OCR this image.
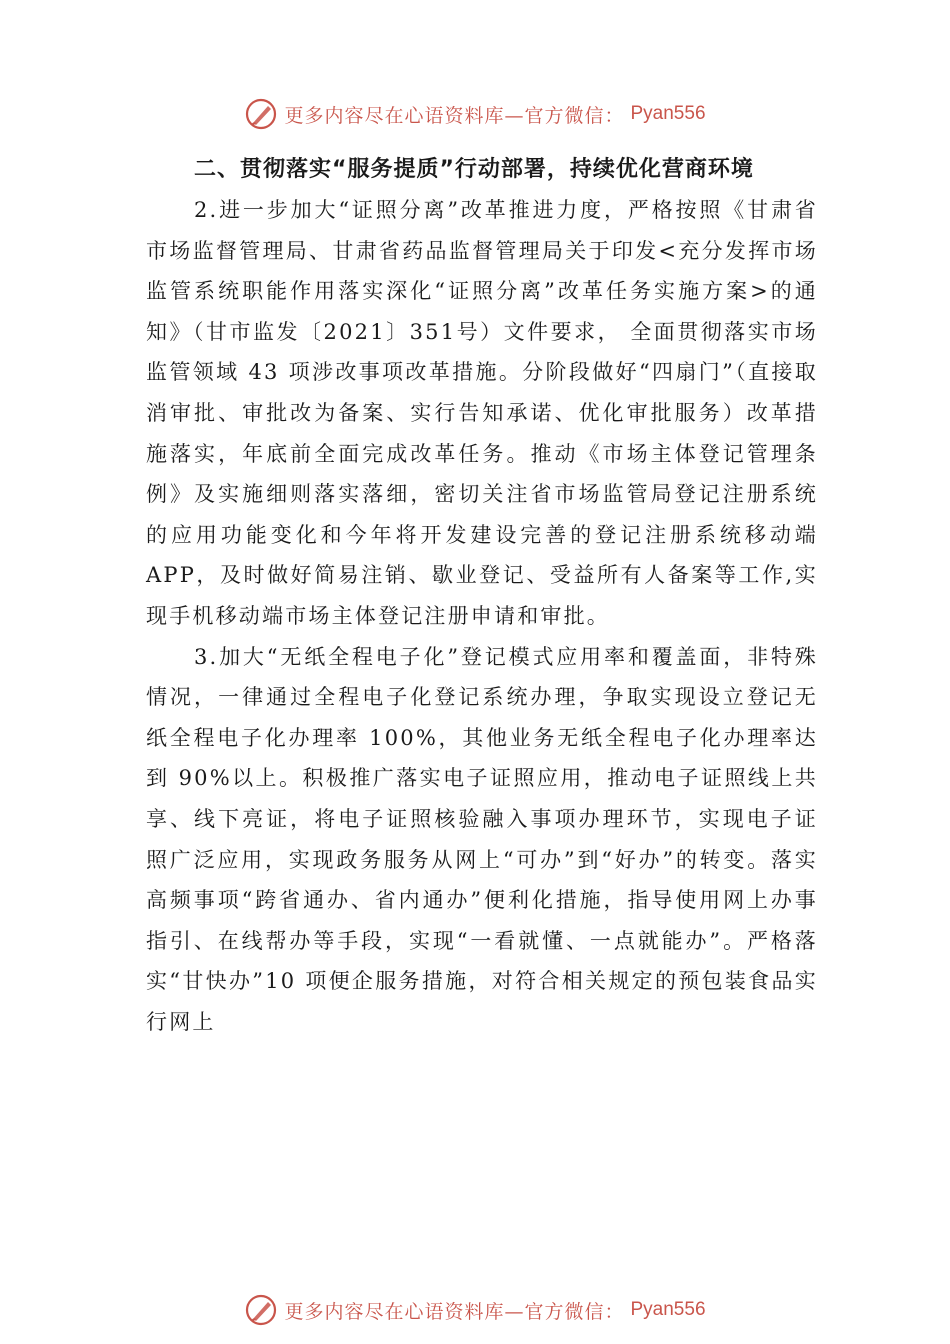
更多内容尽在心语资料库—官方微信： Pyan556

二、贯彻落实“服务提质”行动部署，持续优化营商环境

2.进一步加大“证照分离”改革推进力度，严格按照《甘肃省市场监督管理局、甘肃省药品监督管理局关于印发<充分发挥市场监管系统职能作用落实深化“证照分离”改革任务实施方案>的通知》（甘市监发〔2021〕351号）文件要求， 全面贯彻落实市场监管领域 43 项涉改事项改革措施。分阶段做好“四扇门”（直接取消审批、审批改为备案、实行告知承诺、优化审批服务）改革措施落实，年底前全面完成改革任务。推动《市场主体登记管理条例》及实施细则落实落细，密切关注省市场监管局登记注册系统的应用功能变化和今年将开发建设完善的登记注册系统移动端 APP，及时做好简易注销、歇业登记、受益所有人备案等工作,实现手机移动端市场主体登记注册申请和审批。

3.加大“无纸全程电子化”登记模式应用率和覆盖面，非特殊情况，一律通过全程电子化登记系统办理，争取实现设立登记无纸全程电子化办理率 100%，其他业务无纸全程电子化办理率达到 90%以上。积极推广落实电子证照应用，推动电子证照线上共享、线下亮证，将电子证照核验融入事项办理环节，实现电子证照广泛应用，实现政务服务从网上“可办”到“好办”的转变。落实高频事项“跨省通办、省内通办”便利化措施，指导使用网上办事指引、在线帮办等手段，实现“一看就懂、一点就能办”。严格落实“甘快办”10 项便企服务措施，对符合相关规定的预包装食品实行网上

更多内容尽在心语资料库—官方微信： Pyan556
